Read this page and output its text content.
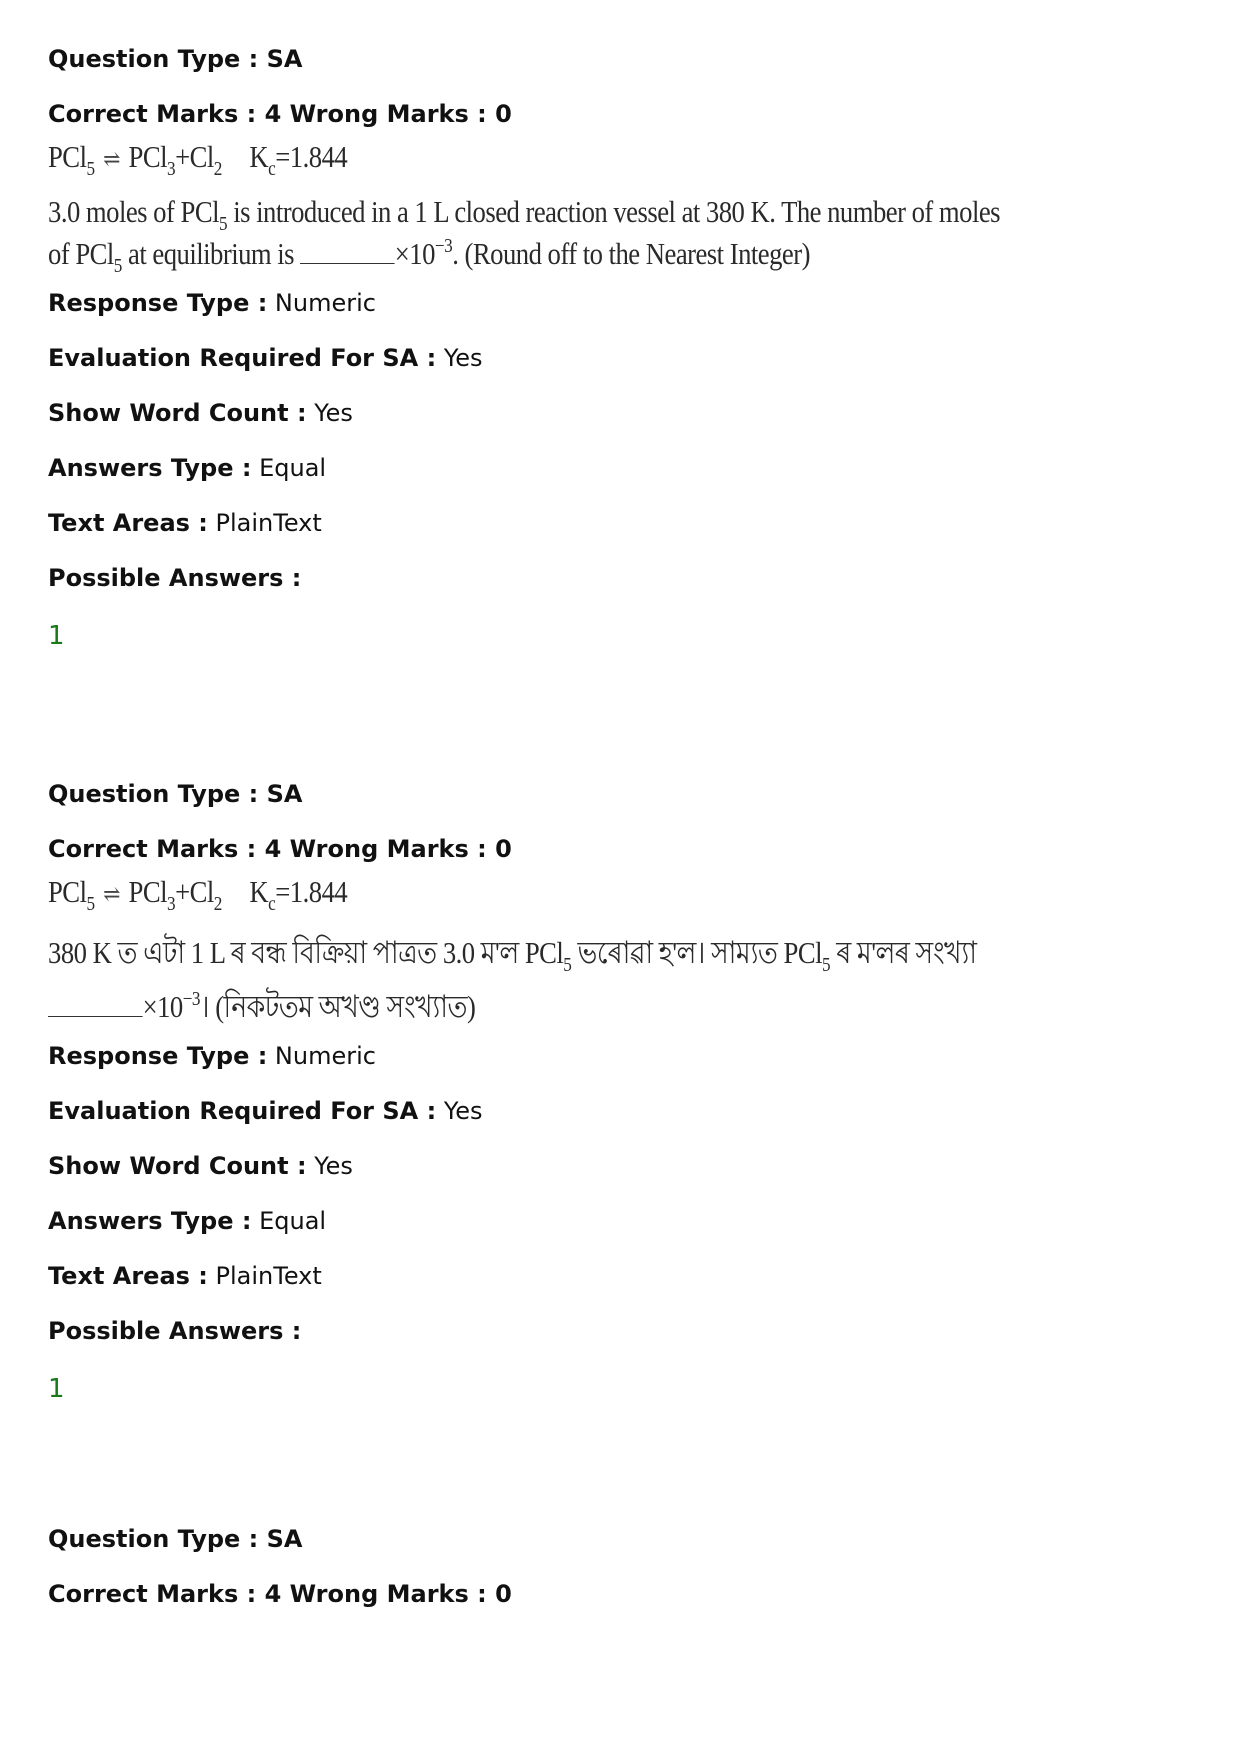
Question Type : SA
Correct Marks : 4 Wrong Marks : 0
PCl$_5$ ⇌ $PCl_3+Cl_2$ $K_c=1.844$
3.0 moles of PCl$_5$ is introduced in a 1 L closed reaction vessel at 380 K. The number of moles
of PCl$_5$ at equilibrium is	$\times 10^{-3}$. (Round off to the Nearest Integer)
Response Type : Numeric
Evaluation Required For SA : Yes
Show Word Count : Yes
Answers Type : Equal
Text Areas : PlainText
Possible Answers :
1
Question Type : SA
Correct Marks : 4 Wrong Marks : 0
PCl$_5$ ⇌ $PCl_3+Cl_2$ $K_c=1.844$
380 K ত এটা 1 L ৰ বন্ধ বিক্ৰিয়া পাত্ৰত 3.0 ম'ল PCl$_5$ ভৰোৱা হ'ল। সাম্যত PCl$_5$ ৰ ম'লৰ সংখ্যা
$\times 10^{-3}।$ (নিকটতম অখণ্ড সংখ্যাত)
Response Type : Numeric
Evaluation Required For SA : Yes
Show Word Count : Yes
Answers Type : Equal
Text Areas : PlainText
Possible Answers :
1
Question Type : SA
Correct Marks : 4 Wrong Marks : 0
